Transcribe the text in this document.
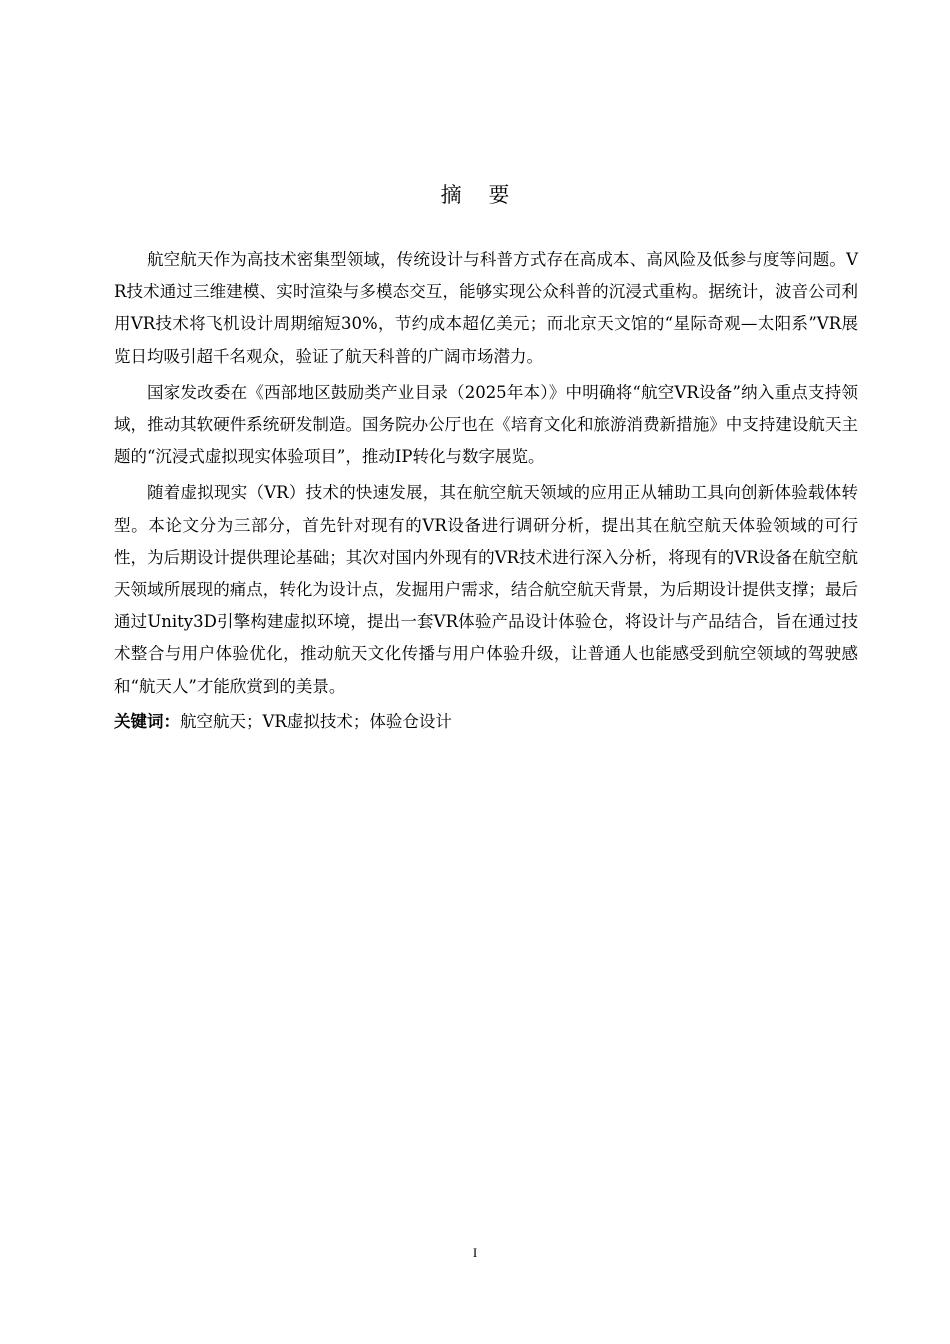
摘 要

航空航天作为高技术密集型领域，传统设计与科普方式存在高成本、高风险及低参与度等问题。VR技术通过三维建模、实时渲染与多模态交互，能够实现公众科普的沉浸式重构。据统计，波音公司利用VR技术将飞机设计周期缩短30%，节约成本超亿美元；而北京天文馆的“星际奇观—太阳系”VR展览日均吸引超千名观众，验证了航天科普的广阔市场潜力。

国家发改委在《西部地区鼓励类产业目录（2025年本）》中明确将“航空VR设备”纳入重点支持领域，推动其软硬件系统研发制造。国务院办公厅也在《培育文化和旅游消费新措施》中支持建设航天主题的“沉浸式虚拟现实体验项目”，推动IP转化与数字展览。

随着虚拟现实（VR）技术的快速发展，其在航空航天领域的应用正从辅助工具向创新体验载体转型。本论文分为三部分，首先针对现有的VR设备进行调研分析，提出其在航空航天体验领域的可行性，为后期设计提供理论基础；其次对国内外现有的VR技术进行深入分析，将现有的VR设备在航空航天领域所展现的痛点，转化为设计点，发掘用户需求，结合航空航天背景，为后期设计提供支撑；最后通过Unity3D引擎构建虚拟环境，提出一套VR体验产品设计体验仓，将设计与产品结合，旨在通过技术整合与用户体验优化，推动航天文化传播与用户体验升级，让普通人也能感受到航空领域的驾驶感和“航天人”才能欣赏到的美景。

关键词：航空航天；VR虚拟技术；体验仓设计

I
